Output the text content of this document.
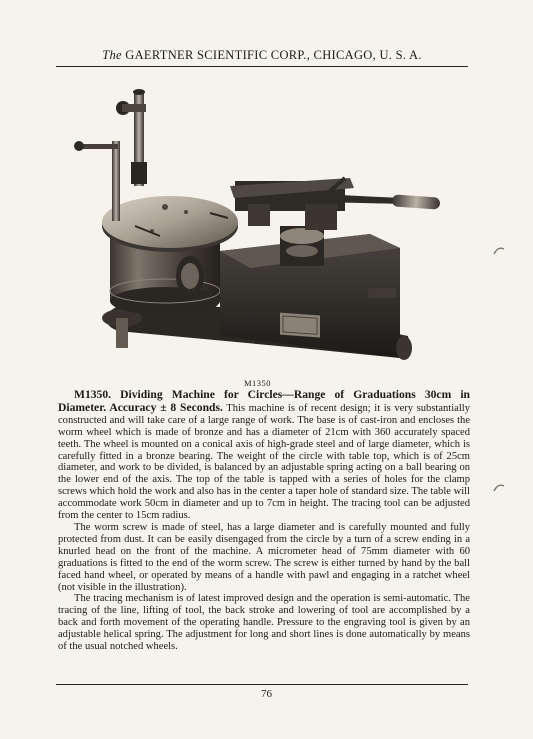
The GAERTNER SCIENTIFIC CORP., CHICAGO, U. S. A.
M1350

M1350. Dividing Machine for Circles—Range of Graduations 30cm in Diameter. Accuracy ± 8 Seconds. This machine is of recent design; it is very substantially constructed and will take care of a large range of work. The base is of cast-iron and encloses the worm wheel which is made of bronze and has a diameter of 21cm with 360 accurately spaced teeth. The wheel is mounted on a conical axis of high-grade steel and of large diameter, which is carefully fitted in a bronze bearing. The weight of the circle with table top, which is of 25cm diameter, and work to be divided, is balanced by an adjustable spring acting on a ball bearing on the lower end of the axis. The top of the table is tapped with a series of holes for the clamp screws which hold the work and also has in the center a taper hole of standard size. The table will accommodate work 50cm in diameter and up to 7cm in height. The tracing tool can be adjusted from the center to 15cm radius.

The worm screw is made of steel, has a large diameter and is carefully mounted and fully protected from dust. It can be easily disengaged from the circle by a turn of a screw ending in a knurled head on the front of the machine. A micrometer head of 75mm diameter with 60 graduations is fitted to the end of the worm screw. The screw is either turned by hand by the ball faced hand wheel, or operated by means of a handle with pawl and engaging in a ratchet wheel (not visible in the illustration).

The tracing mechanism is of latest improved design and the operation is semi-automatic. The tracing of the line, lifting of tool, the back stroke and lowering of tool are accomplished by a back and forth movement of the operating handle. Pressure to the engraving tool is given by an adjustable helical spring. The adjustment for long and short lines is done automatically by means of the usual notched wheels.

76
